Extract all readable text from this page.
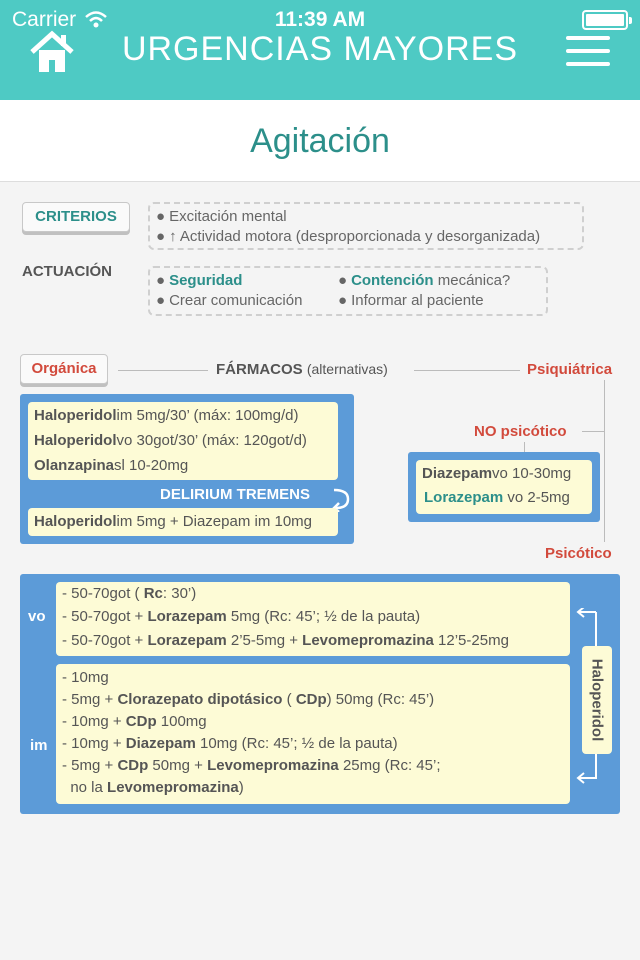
Carrier	11:39 AM
URGENCIAS MAYORES
Agitación
CRITERIOS	● Excitación mental
● ↑ Actividad motora (desproporcionada y desorganizada)
ACTUACIÓN
● Seguridad	● Contención mecánica?
● Crear comunicación ● Informar al paciente
Orgánica	FÁRMACOS (alternativas)	Psiquiátrica
NO psicótico
Psicótico
Haloperidolim 5mg/30’ (máx: 100mg/d)
Haloperidolvo 30got/30’ (máx: 120got/d)
Olanzapinasl 10-20mg
DELIRIUM TREMENS
Haloperidolim 5mg + Diazepam im 10mg
Diazepamvo 10-30mg
Lorazepam vo 2-5mg
vo
im
- 50-70got ( Rc: 30’)
- 50-70got + Lorazepam 5mg (Rc: 45’; ½ de la pauta)
- 50-70got + Lorazepam 2’5-5mg + Levomepromazina 12’5-25mg
- 10mg
- 5mg + Clorazepato dipotásico ( CDp) 50mg (Rc: 45’)
- 10mg + CDp 100mg
- 10mg + Diazepam 10mg (Rc: 45’; ½ de la pauta)
- 5mg + CDp 50mg + Levomepromazina 25mg (Rc: 45’;
no la Levomepromazina)
Haloperidol
